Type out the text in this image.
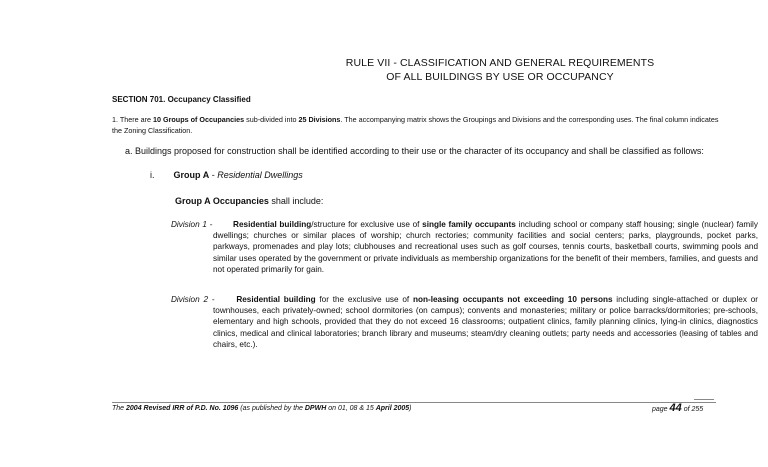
RULE VII - CLASSIFICATION AND GENERAL REQUIREMENTS
OF ALL BUILDINGS BY USE OR OCCUPANCY
SECTION 701. Occupancy Classified
1. There are 10 Groups of Occupancies sub-divided into 25 Divisions. The accompanying matrix shows the Groupings and Divisions and the corresponding uses. The final column indicates the Zoning Classification.
a. Buildings proposed for construction shall be identified according to their use or the character of its occupancy and shall be classified as follows:
i. Group A - Residential Dwellings
Group A Occupancies shall include:
Division 1 -	Residential building/structure for exclusive use of single family occupants including school or company staff housing; single (nuclear) family dwellings; churches or similar places of worship; church rectories; community facilities and social centers; parks, playgrounds, pocket parks, parkways, promenades and play lots; clubhouses and recreational uses such as golf courses, tennis courts, basketball courts, swimming pools and similar uses operated by the government or private individuals as membership organizations for the benefit of their members, families, and guests and not operated primarily for gain.
Division 2 -	Residential building for the exclusive use of non-leasing occupants not exceeding 10 persons including single-attached or duplex or townhouses, each privately-owned; school dormitories (on campus); convents and monasteries; military or police barracks/dormitories; pre-schools, elementary and high schools, provided that they do not exceed 16 classrooms; outpatient clinics, family planning clinics, lying-in clinics, diagnostics clinics, medical and clinical laboratories; branch library and museums; steam/dry cleaning outlets; party needs and accessories (leasing of tables and chairs, etc.).
The 2004 Revised IRR of P.D. No. 1096 (as published by the DPWH on 01, 08 & 15 April 2005)	page 44 of 255
